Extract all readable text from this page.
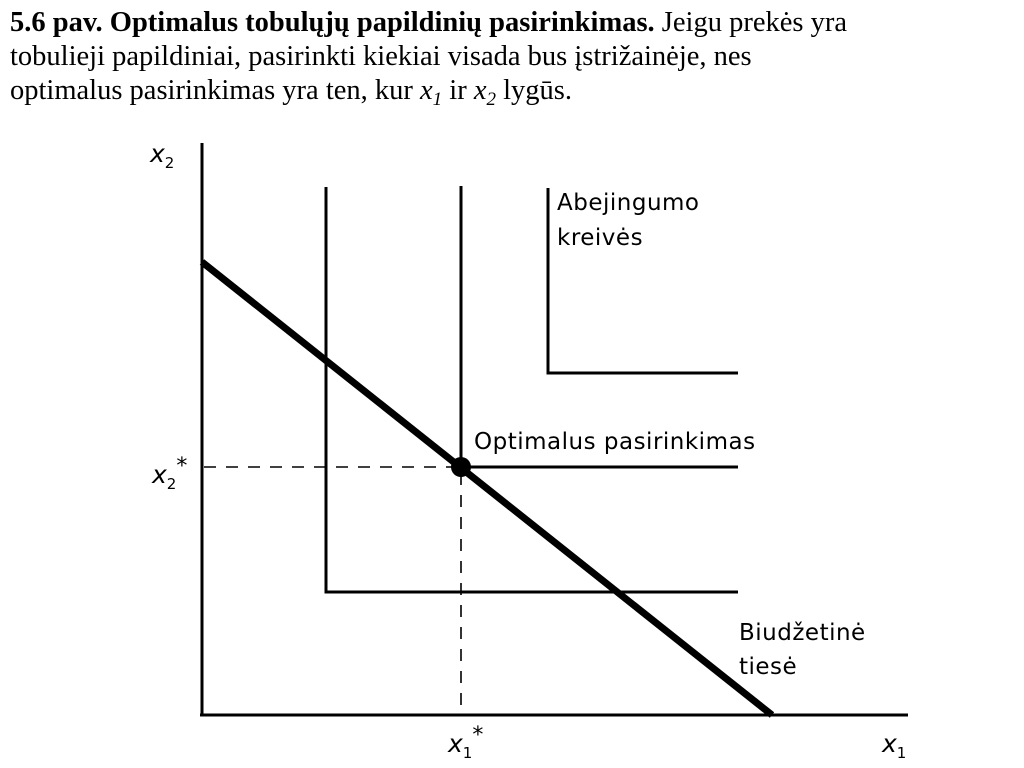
5.6 pav. Optimalus tobulųjų papildinių pasirinkimas. Jeigu prekės yra
tobulieji papildiniai, pasirinkti kiekiai visada bus įstrižainėje, nes
optimalus pasirinkimas yra ten, kur $x_1$ ir $x_2$ lygūs.
$x_2$
$x_1$
$x_2*$
$x_1*$
Abejingumo
kreivės
Optimalus pasirinkimas
Biudžetinė
tiesė
